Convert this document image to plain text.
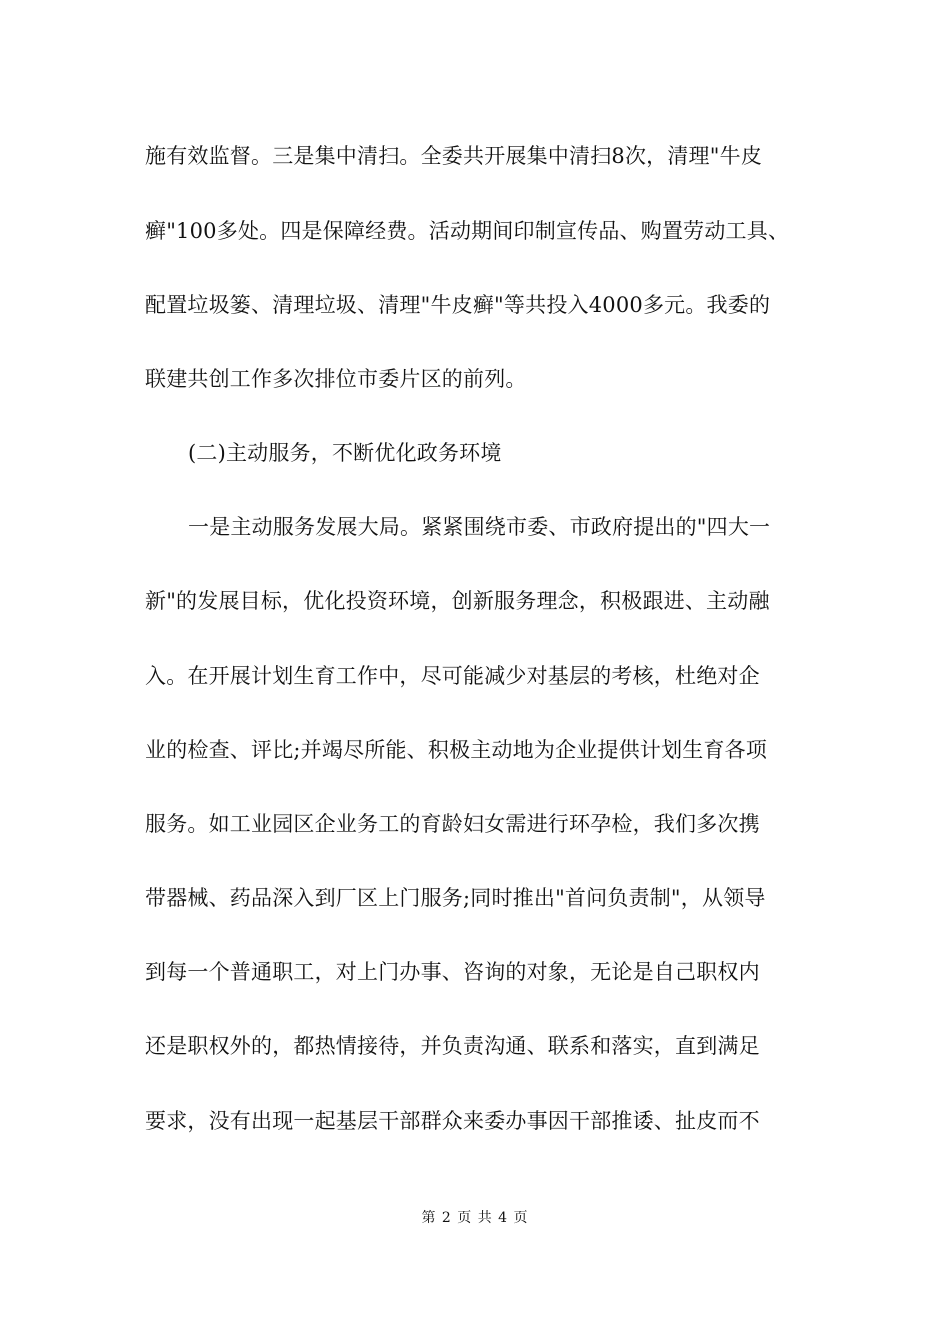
施有效监督。三是集中清扫。全委共开展集中清扫8次，清理"牛皮
癣"100多处。四是保障经费。活动期间印制宣传品、购置劳动工具、
配置垃圾篓、清理垃圾、清理"牛皮癣"等共投入4000多元。我委的
联建共创工作多次排位市委片区的前列。
(二)主动服务，不断优化政务环境
一是主动服务发展大局。紧紧围绕市委、市政府提出的"四大一
新"的发展目标，优化投资环境，创新服务理念，积极跟进、主动融
入。在开展计划生育工作中，尽可能减少对基层的考核，杜绝对企
业的检查、评比;并竭尽所能、积极主动地为企业提供计划生育各项
服务。如工业园区企业务工的育龄妇女需进行环孕检，我们多次携
带器械、药品深入到厂区上门服务;同时推出"首问负责制"，从领导
到每一个普通职工，对上门办事、咨询的对象，无论是自己职权内
还是职权外的，都热情接待，并负责沟通、联系和落实，直到满足
要求，没有出现一起基层干部群众来委办事因干部推诿、扯皮而不
第 2 页 共 4 页
